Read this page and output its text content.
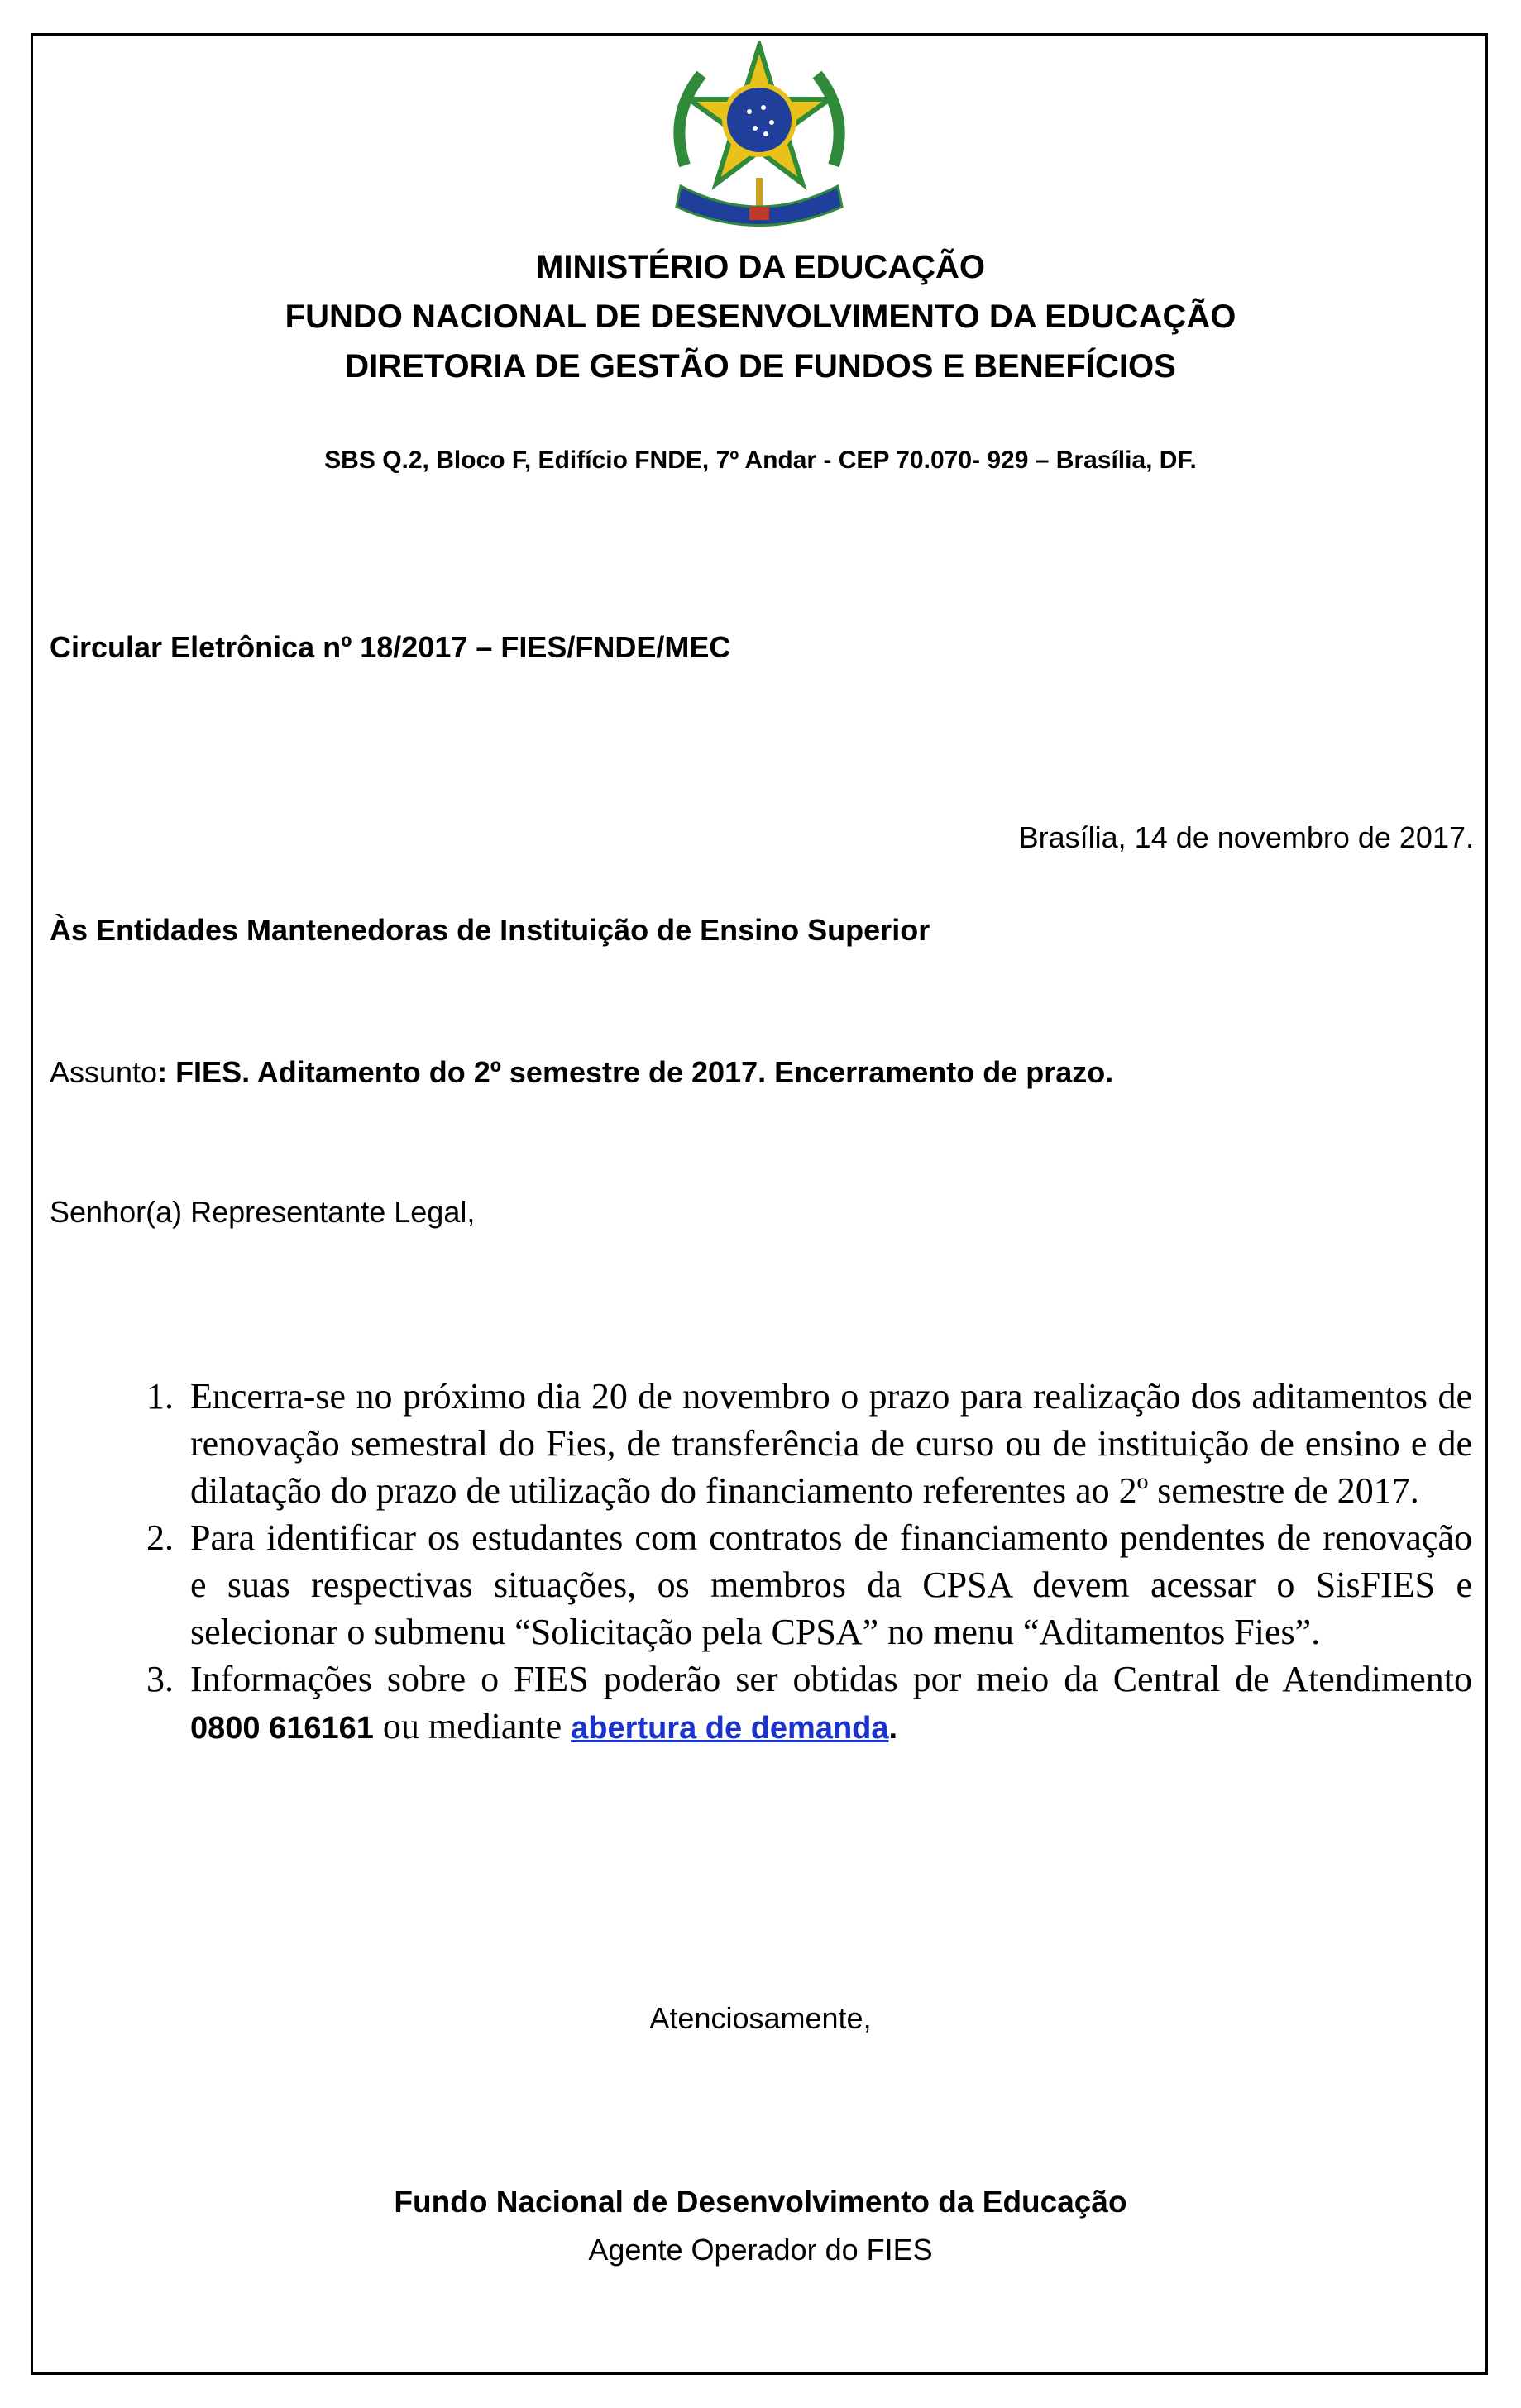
MINISTÉRIO DA EDUCAÇÃO
FUNDO NACIONAL DE DESENVOLVIMENTO DA EDUCAÇÃO
DIRETORIA DE GESTÃO DE FUNDOS E BENEFÍCIOS
SBS Q.2, Bloco F, Edifício FNDE, 7º Andar - CEP 70.070- 929 – Brasília, DF.
Circular Eletrônica nº 18/2017 – FIES/FNDE/MEC
Brasília, 14 de novembro de 2017.
Às Entidades Mantenedoras de Instituição de Ensino Superior
Assunto: FIES. Aditamento do 2º semestre de 2017. Encerramento de prazo.
Senhor(a) Representante Legal,
1. Encerra-se no próximo dia 20 de novembro o prazo para realização dos aditamentos de renovação semestral do Fies, de transferência de curso ou de instituição de ensino e de dilatação do prazo de utilização do financiamento referentes ao 2º semestre de 2017.
2. Para identificar os estudantes com contratos de financiamento pendentes de renovação e suas respectivas situações, os membros da CPSA devem acessar o SisFIES e selecionar o submenu “Solicitação pela CPSA” no menu “Aditamentos Fies”.
3. Informações sobre o FIES poderão ser obtidas por meio da Central de Atendimento 0800 616161 ou mediante abertura de demanda.
Atenciosamente,
Fundo Nacional de Desenvolvimento da Educação
Agente Operador do FIES
